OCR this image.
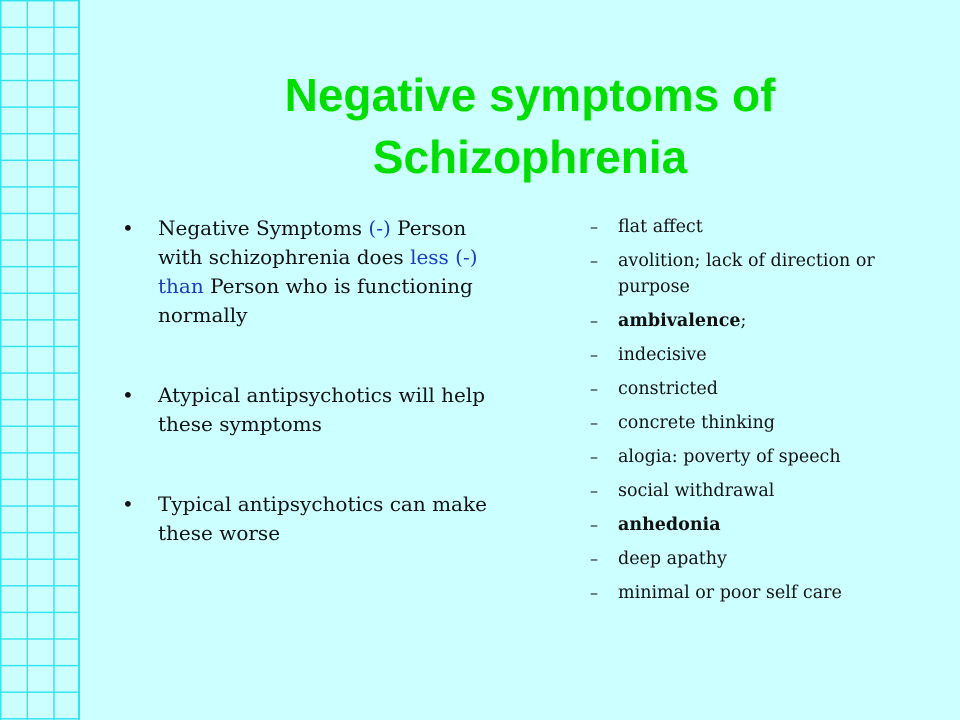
Negative symptoms of Schizophrenia
• Negative Symptoms (-) Person with schizophrenia does less (-) than Person who is functioning normally
• Atypical antipsychotics will help these symptoms
• Typical antipsychotics can make these worse
– flat affect
– avolition; lack of direction or purpose
– ambivalence;
– indecisive
– constricted
– concrete thinking
– alogia: poverty of speech
– social withdrawal
– anhedonia
– deep apathy
– minimal or poor self care
